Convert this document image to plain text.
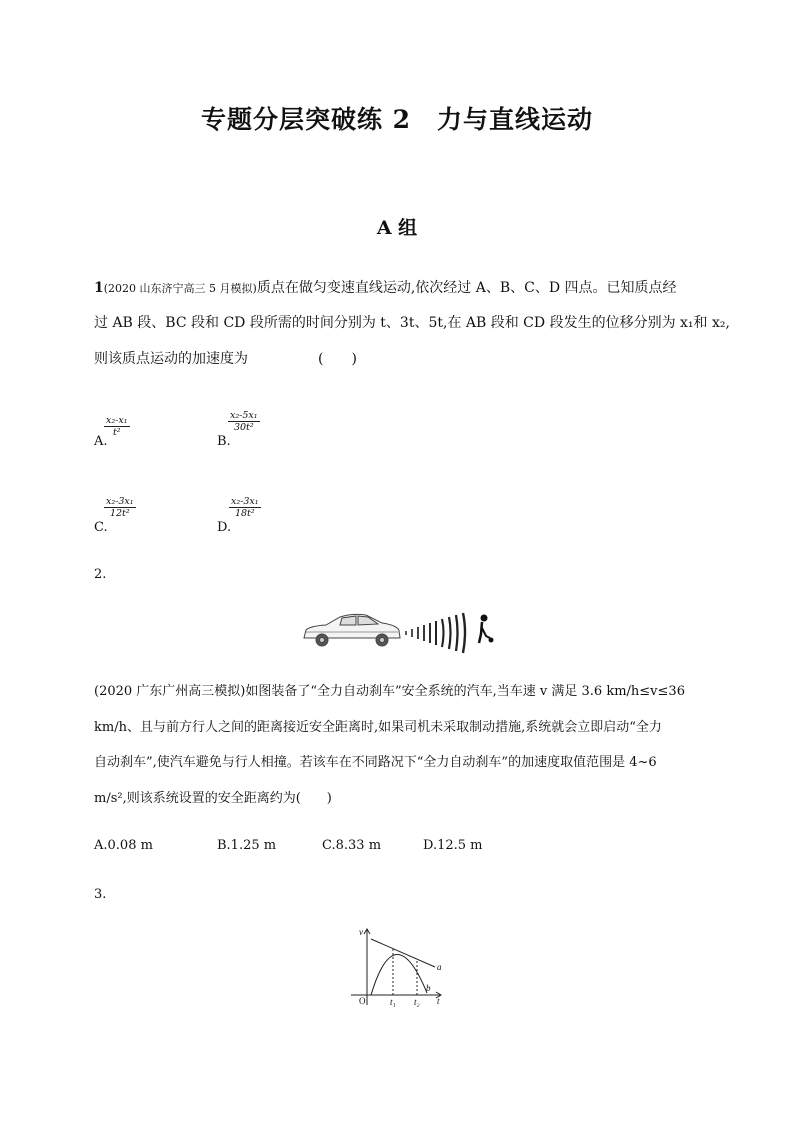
专题分层突破练 2　力与直线运动
A 组
1(2020 山东济宁高三 5 月模拟)质点在做匀变速直线运动,依次经过 A、B、C、D 四点。已知质点经
过 AB 段、BC 段和 CD 段所需的时间分别为 t、3t、5t,在 AB 段和 CD 段发生的位移分别为 x₁和 x₂,
则该质点运动的加速度为　　　　　(　　)
A.
$\frac{\text{x₂-x₁}}{\text{t²}}$
B.
$\frac{\text{x₂-5x₁}}{\text{30t²}}$
C.
$\frac{\text{x₂-3x₁}}{\text{12t²}}$
D.
$\frac{\text{x₂-3x₁}}{\text{18t²}}$
2.
(2020 广东广州高三模拟)如图装备了“全力自动刹车”安全系统的汽车,当车速 v 满足 3.6 km/h≤v≤36
km/h、且与前方行人之间的距离接近安全距离时,如果司机未采取制动措施,系统就会立即启动“全力
自动刹车”,使汽车避免与行人相撞。若该车在不同路况下“全力自动刹车”的加速度取值范围是 4~6
m/s²,则该系统设置的安全距离约为(　　)
A.0.08 m	B.1.25 m	C.8.33 m	D.12.5 m
3.
v
O	t₁ t₂ t
a
b
